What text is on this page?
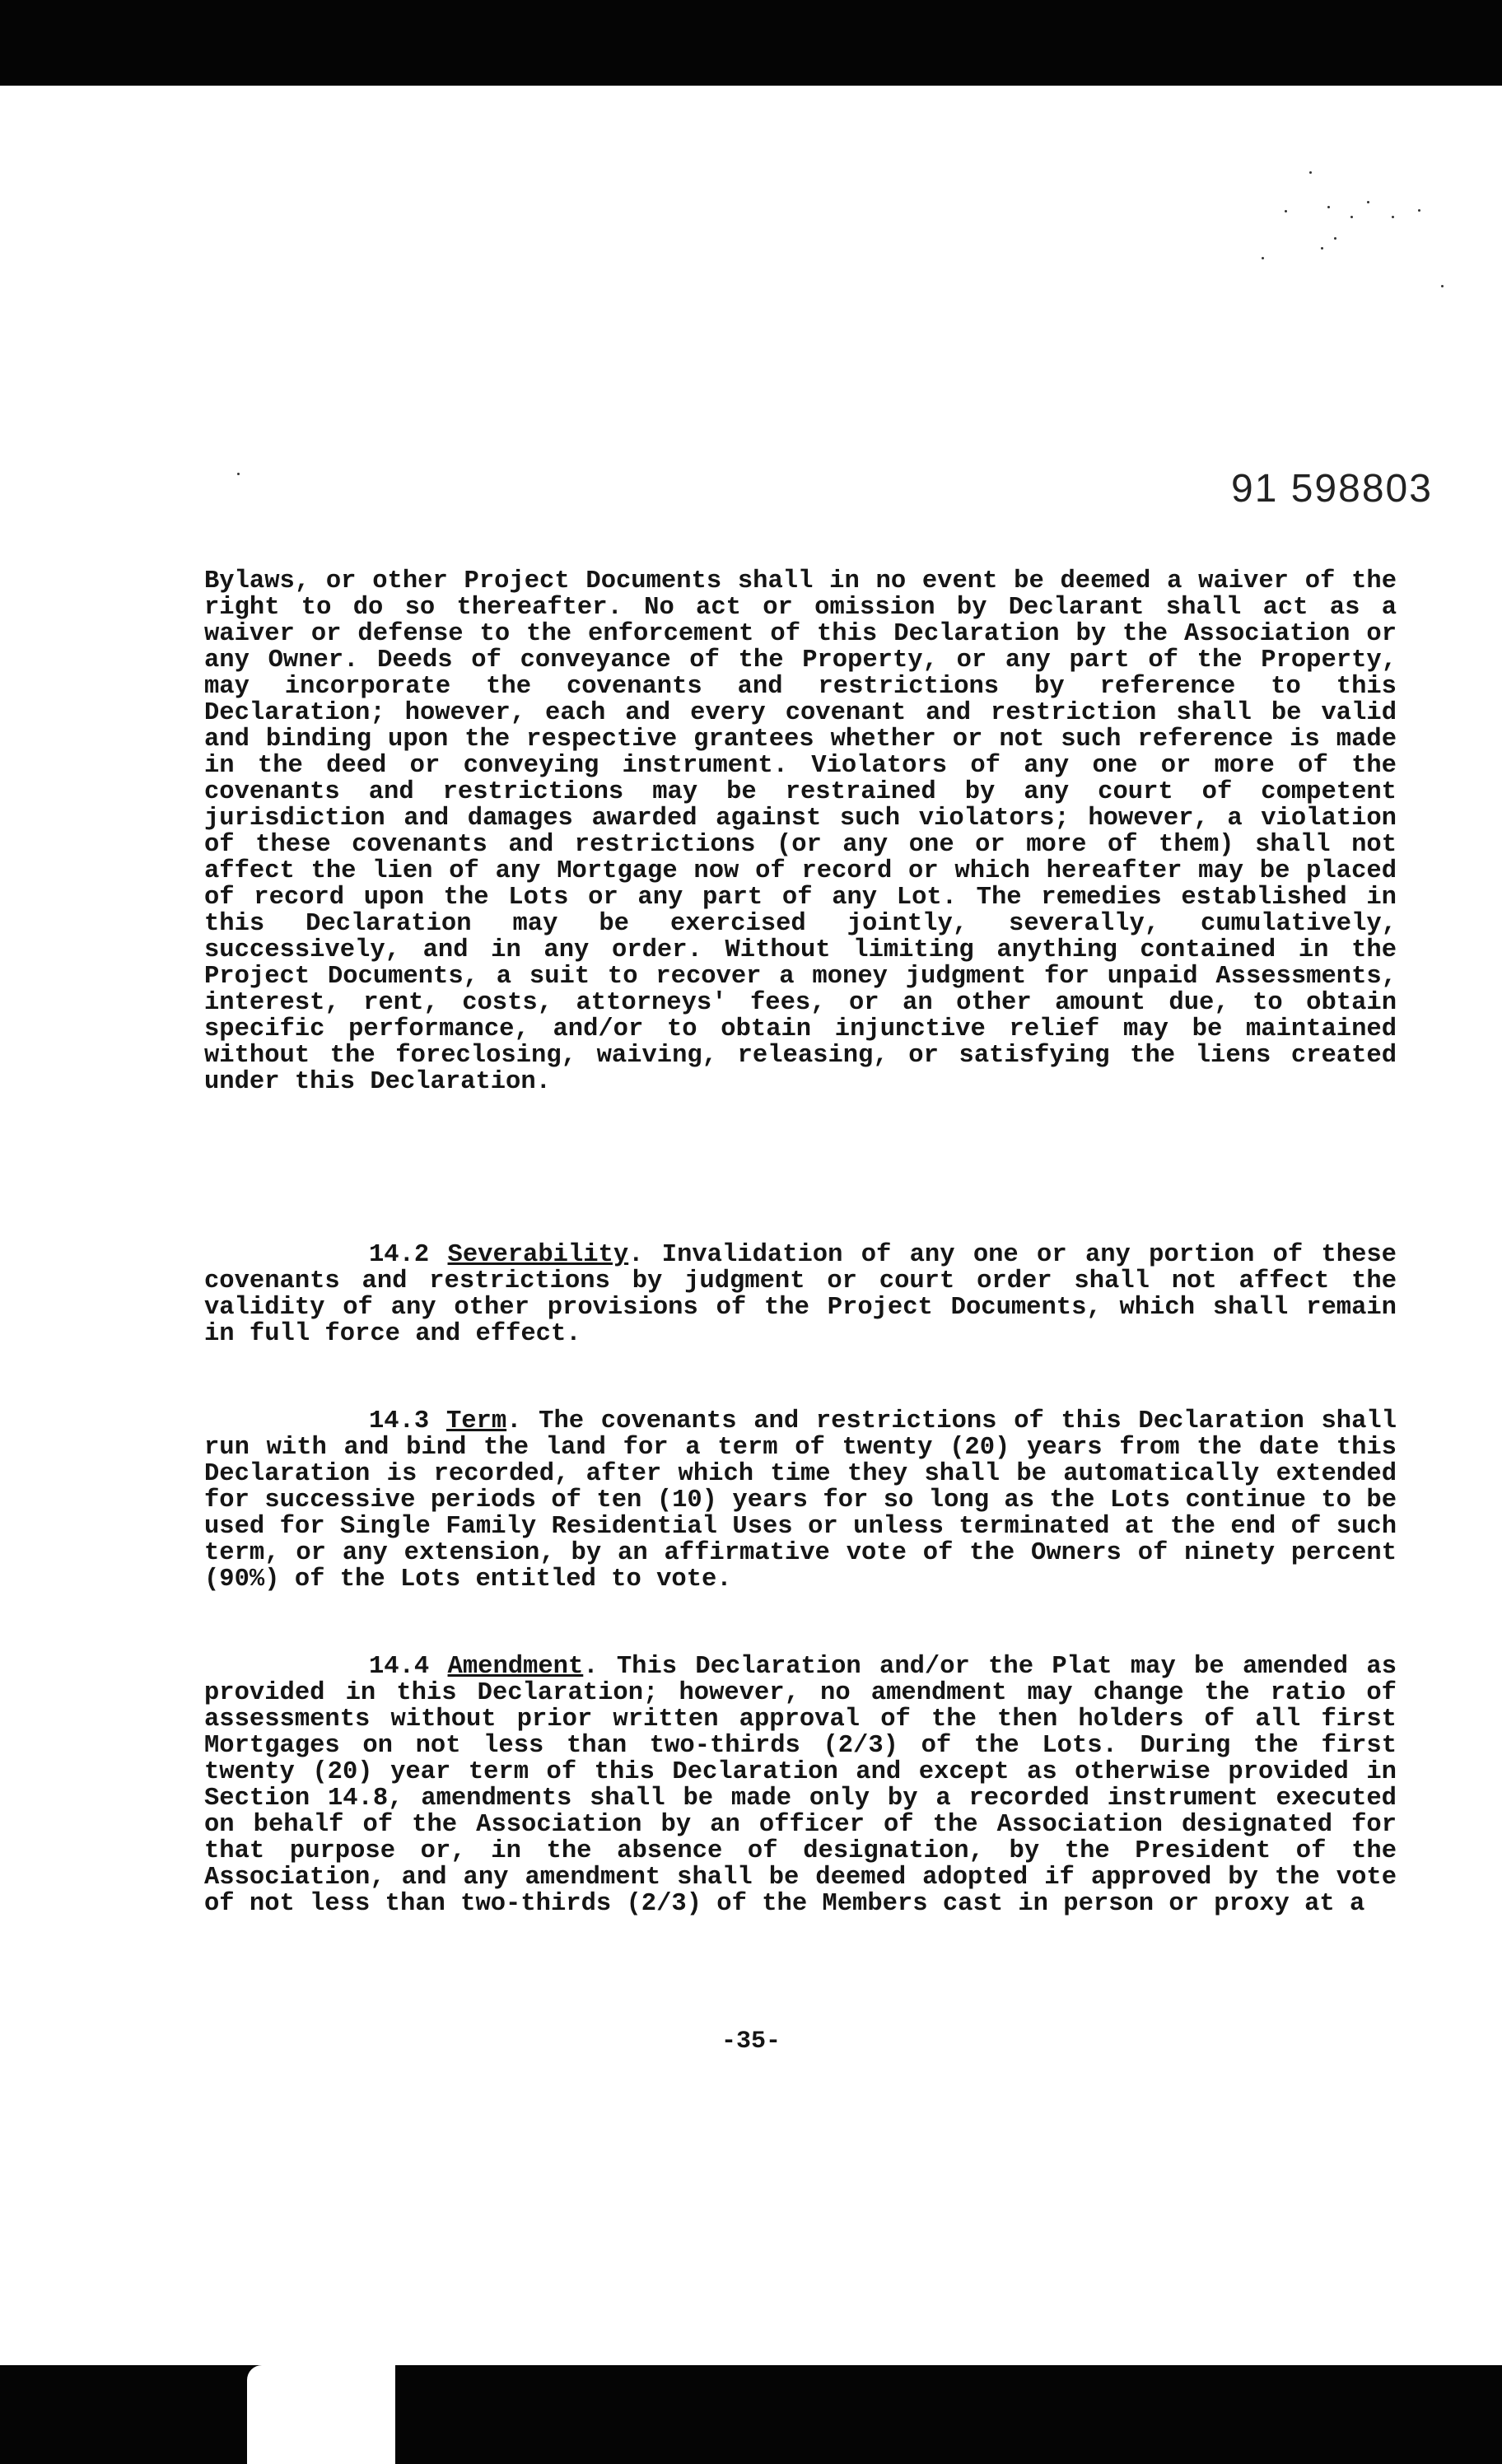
91 598803

Bylaws, or other Project Documents shall in no event be deemed a waiver of the right to do so thereafter. No act or omission by Declarant shall act as a waiver or defense to the enforcement of this Declaration by the Association or any Owner. Deeds of conveyance of the Property, or any part of the Property, may incorporate the covenants and restrictions by reference to this Declaration; however, each and every covenant and restriction shall be valid and binding upon the respective grantees whether or not such reference is made in the deed or conveying instrument. Violators of any one or more of the covenants and restrictions may be restrained by any court of competent jurisdiction and damages awarded against such violators; however, a violation of these covenants and restrictions (or any one or more of them) shall not affect the lien of any Mortgage now of record or which hereafter may be placed of record upon the Lots or any part of any Lot. The remedies established in this Declaration may be exercised jointly, severally, cumulatively, successively, and in any order. Without limiting anything contained in the Project Documents, a suit to recover a money judgment for unpaid Assessments, interest, rent, costs, attorneys' fees, or an other amount due, to obtain specific performance, and/or to obtain injunctive relief may be maintained without the foreclosing, waiving, releasing, or satisfying the liens created under this Declaration.

14.2 Severability. Invalidation of any one or any portion of these covenants and restrictions by judgment or court order shall not affect the validity of any other provisions of the Project Documents, which shall remain in full force and effect.

14.3 Term. The covenants and restrictions of this Declaration shall run with and bind the land for a term of twenty (20) years from the date this Declaration is recorded, after which time they shall be automatically extended for successive periods of ten (10) years for so long as the Lots continue to be used for Single Family Residential Uses or unless terminated at the end of such term, or any extension, by an affirmative vote of the Owners of ninety percent (90%) of the Lots entitled to vote.

14.4 Amendment. This Declaration and/or the Plat may be amended as provided in this Declaration; however, no amendment may change the ratio of assessments without prior written approval of the then holders of all first Mortgages on not less than two-thirds (2/3) of the Lots. During the first twenty (20) year term of this Declaration and except as otherwise provided in Section 14.8, amendments shall be made only by a recorded instrument executed on behalf of the Association by an officer of the Association designated for that purpose or, in the absence of designation, by the President of the Association, and any amendment shall be deemed adopted if approved by the vote of not less than two-thirds (2/3) of the Members cast in person or proxy at a

-35-
